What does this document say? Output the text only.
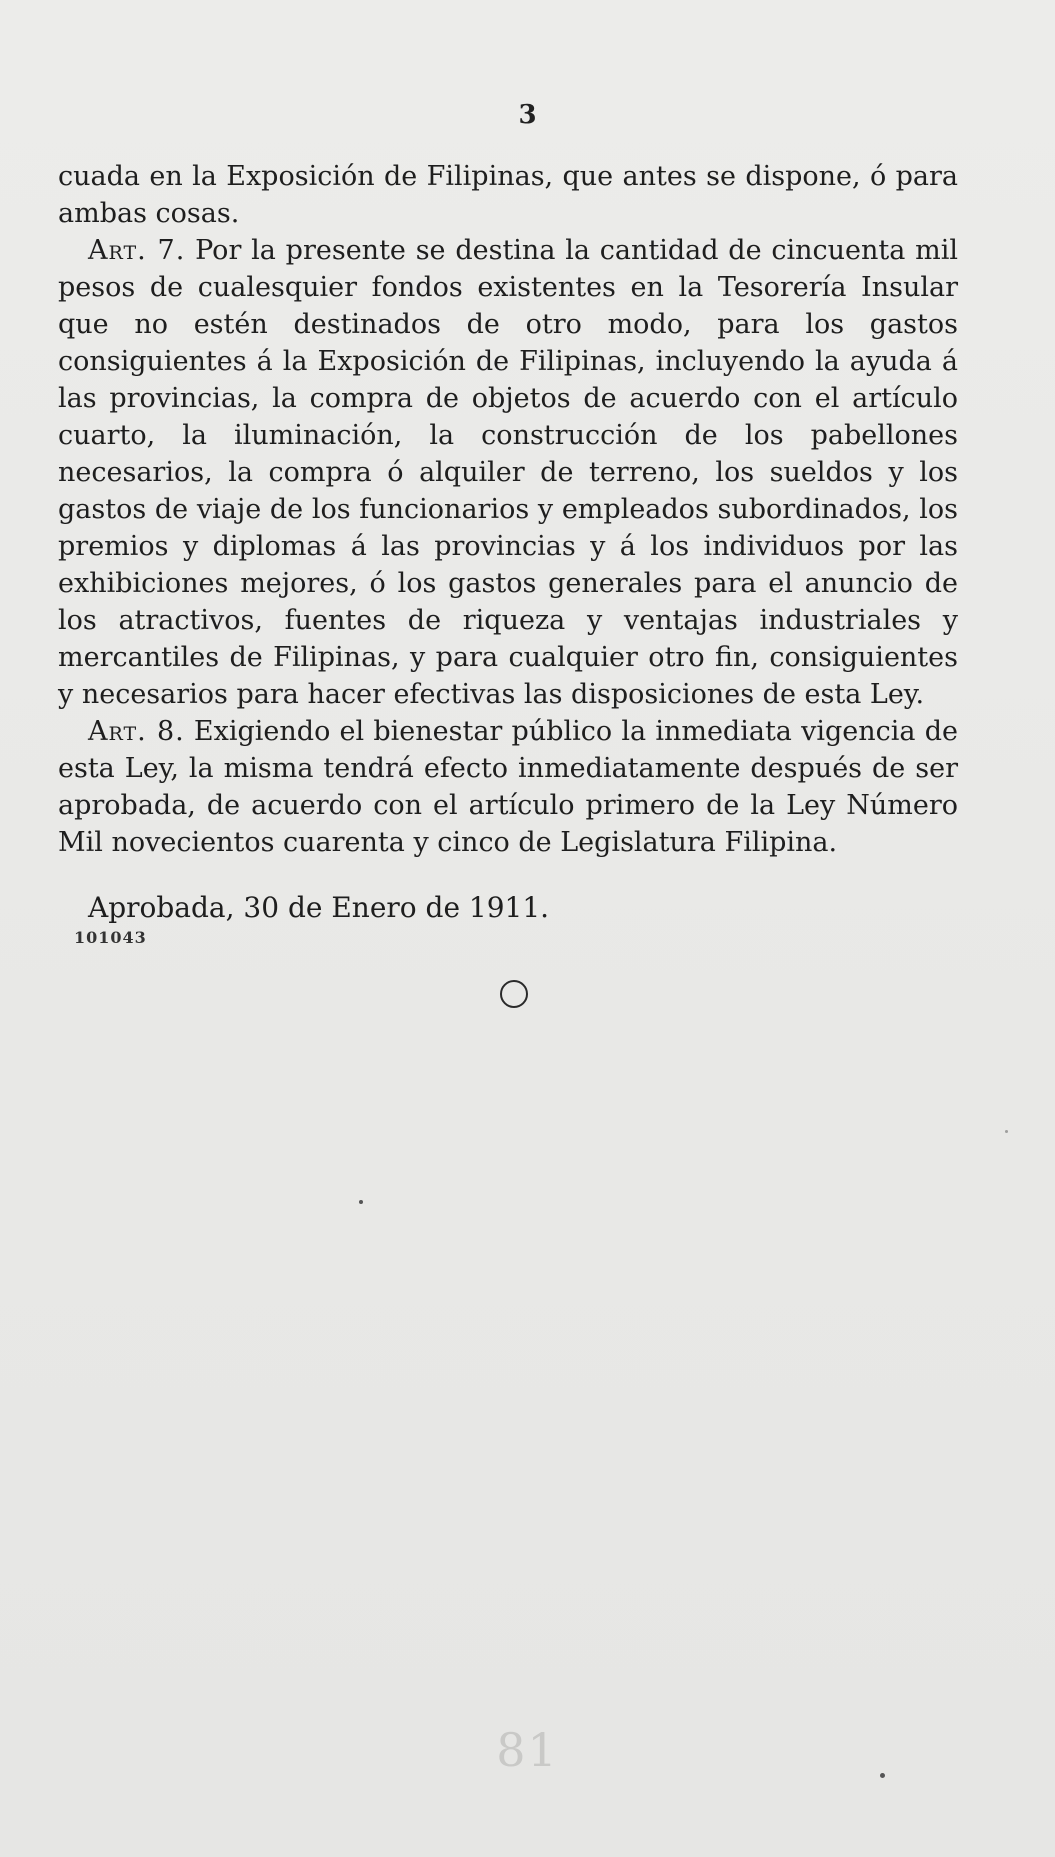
3

cuada en la Exposición de Filipinas, que antes se dispone, ó para ambas cosas.

Art. 7. Por la presente se destina la cantidad de cincuenta mil pesos de cualesquier fondos existentes en la Tesorería Insular que no estén destinados de otro modo, para los gastos consiguientes á la Exposición de Filipinas, incluyendo la ayuda á las provincias, la compra de objetos de acuerdo con el artículo cuarto, la iluminación, la construcción de los pabellones necesarios, la compra ó alquiler de terreno, los sueldos y los gastos de viaje de los funcionarios y empleados subordinados, los premios y diplomas á las provincias y á los individuos por las exhibiciones mejores, ó los gastos generales para el anuncio de los atractivos, fuentes de riqueza y ventajas industriales y mercantiles de Filipinas, y para cualquier otro fin, consiguientes y necesarios para hacer efectivas las disposiciones de esta Ley.

Art. 8. Exigiendo el bienestar público la inmediata vigencia de esta Ley, la misma tendrá efecto inmediatamente después de ser aprobada, de acuerdo con el artículo primero de la Ley Número Mil novecientos cuarenta y cinco de Legislatura Filipina.

Aprobada, 30 de Enero de 1911.
101043
81
